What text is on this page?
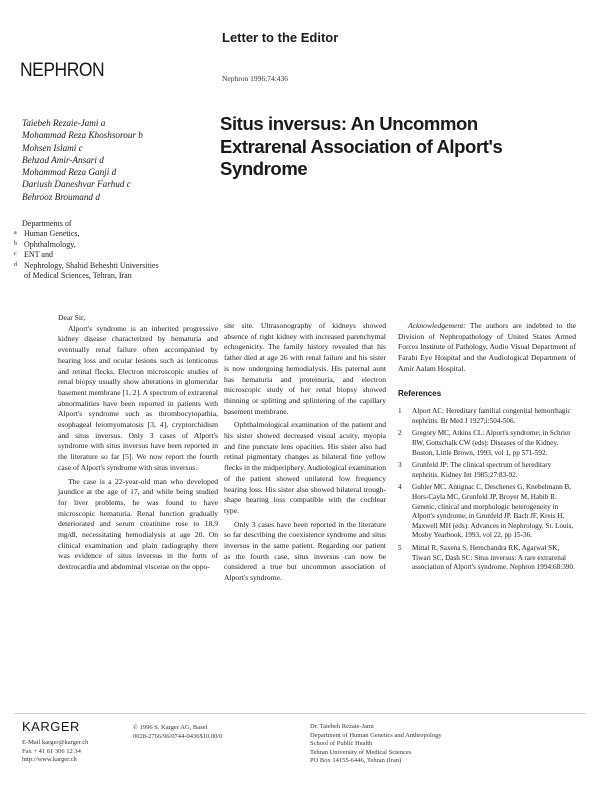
Letter to the Editor
NEPHRON	Nephron 1996;74:436
Taiebeh Rezaie-Jami a
Mohammad Reza Khoshsorour b
Mohsen Islami c
Behzad Amir-Ansari d
Mohammad Reza Ganji d
Dariush Daneshvar Farhud c
Behrooz Broumand d
Departments of
a Human Genetics,
b Ophthalmology,
c ENT and
d Nephrology, Shahid Beheshti Universities
of Medical Sciences, Tehran, Iran
Situs inversus: An Uncommon
Extrarenal Association of Alport's
Syndrome

Dear Sir,

Alport's syndrome is an inherited progressive kidney disease characterized by hematuria and eventually renal failure often accompanied by hearing loss and ocular lesions such as lenticonus and retinal flecks. Electron microscopic studies of renal biopsy usually show alterations in glomerular basement membrane [1, 2]. A spectrum of extrarenal abnormalities have been reported in patients with Alport's syndrome such as thrombocytopathia, esophageal leiomyomatosis [3, 4], cryptorchidism and situs inversus. Only 3 cases of Alport's syndrome with situs inversus have been reported in the literature so far [5]. We now report the fourth case of Alport's syndrome with situs inversus.

The case is a 22-year-old man who developed jaundice at the age of 17, and while being studied for liver problems, he was found to have microscopic hematuria. Renal function gradually deteriorated and serum creatinine rose to 18.9 mg/dl, necessitating hemodialysis at age 20. On clinical examination and plain radiography there was evidence of situs inversus in the form of dextrocardia and abdominal viscerae on the oppo-

site site. Ultrasonography of kidneys showed absence of right kidney with increased parenchymal echogenicity. The family history revealed that his father died at age 26 with renal failure and his sister is now undergoing hemodialysis. His paternal aunt has hematuria and proteinuria, and electron microscopic study of her renal biopsy showed thinning or splitting and splintering of the capillary basement membrane.

Ophthalmological examination of the patient and his sister showed decreased visual acuity, myopia and fine punctate lens opacities. His sister also had retinal pigmentary changes as bilateral fine yellow flecks in the midperiphery. Audiological examination of the patient showed unilateral low frequency hearing loss. His sister also showed bilateral trough-shape hearing loss compatible with the cochlear type.

Only 3 cases have been reported in the literature so far describing the coexistence syndrome and situs inversus in the same patient. Regarding our patient as the fourth case, situs inversus can now be considered a true but uncommon association of Alport's syndrome.

Acknowledgement: The authors are indebted to the Division of Nephropathology of United States Armed Forces Institute of Pathology, Audio Visual Department of Farabi Eye Hospital and the Audiological Department of Amir Aalam Hospital.

References
1	Alport AC: Hereditary familial congenital hemorrhagic nephritis. Br Med J 1927;i:504-506.
2	Gregory MC, Atkins CL: Alport's syndrome; in Schrier RW, Gottschalk CW (eds): Diseases of the Kidney. Boston, Little Brown, 1993, vol 1, pp 571-592.
3	Grunfeld JP: The clinical spectrum of hereditary nephritis. Kidney Int 1985;27:83-92.
4	Gubler MC, Antignac C, Deschenes G, Knebelmann B, Hors-Cayla MC, Grunfeld JP, Broyer M, Habib R: Genetic, clinical and morphologic heterogeneity in Alport's syndrome; in Grunfeld JP, Bach JF, Kreis H, Maxwell MH (eds): Advances in Nephrology. St. Louis, Mosby Yearbook, 1993, vol 22, pp 15-36.
5	Mittal R, Saxena S, Hemchandra RK, Agarwal SK, Tiwari SC, Dash SC: Situs inversus: A rare extrarenal association of Alport's syndrome. Nephron 1994;68:390.
KARGER
E-Mail karger@karger.ch
Fax + 41 61 306 12 34
http://www.karger.ch
© 1996 S. Karger AG, Basel
0028-2766/96/0744-0436$10.00/0
Dr. Taiebeh Rezaie-Jami
Department of Human Genetics and Anthropology
School of Public Health
Tehran University of Medical Sciences
PO Box 14155-6446, Tehran (Iran)
